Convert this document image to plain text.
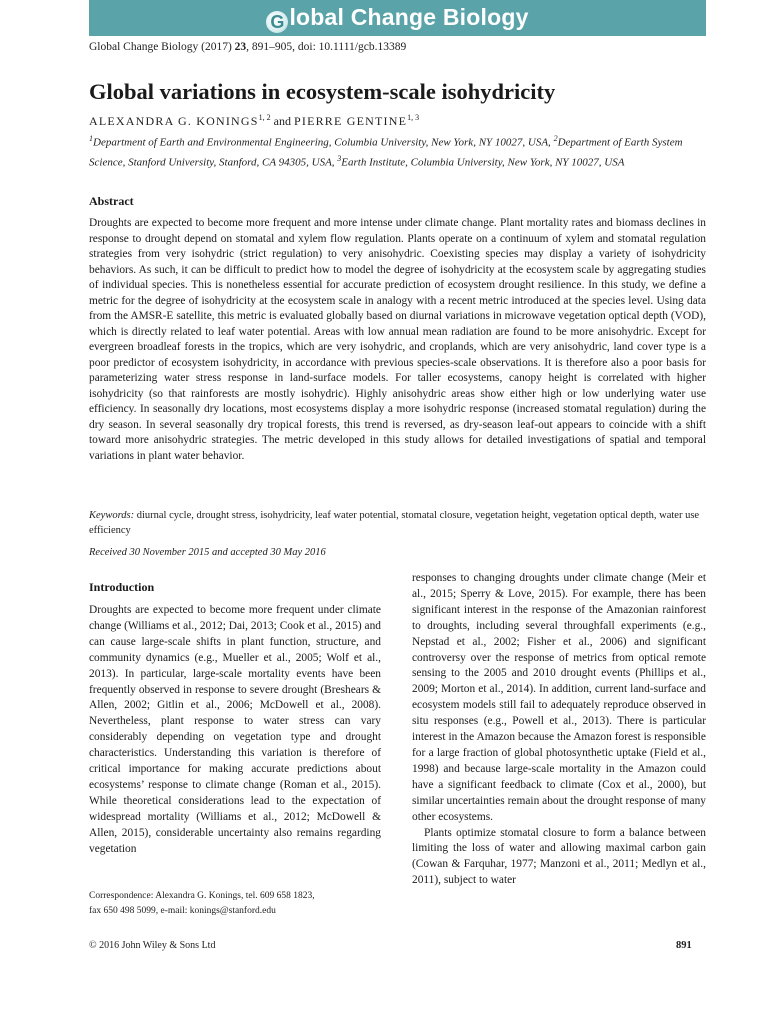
G lobal Change Biology
Global Change Biology (2017) 23, 891–905, doi: 10.1111/gcb.13389
Global variations in ecosystem-scale isohydricity
ALEXANDRA G. KONINGS$^{1, 2}$ and PIERRE GENTINE$^{1, 3}$
$^1$Department of Earth and Environmental Engineering, Columbia University, New York, NY 10027, USA, $^2$Department of Earth System Science, Stanford University, Stanford, CA 94305, USA, $^3$Earth Institute, Columbia University, New York, NY 10027, USA
Abstract

Droughts are expected to become more frequent and more intense under climate change. Plant mortality rates and biomass declines in response to drought depend on stomatal and xylem flow regulation. Plants operate on a continuum of xylem and stomatal regulation strategies from very isohydric (strict regulation) to very anisohydric. Coexisting species may display a variety of isohydricity behaviors. As such, it can be difficult to predict how to model the degree of isohydricity at the ecosystem scale by aggregating studies of individual species. This is nonetheless essential for accurate prediction of ecosystem drought resilience. In this study, we define a metric for the degree of isohydricity at the ecosystem scale in analogy with a recent metric introduced at the species level. Using data from the AMSR-E satellite, this metric is evaluated globally based on diurnal variations in microwave vegetation optical depth (VOD), which is directly related to leaf water potential. Areas with low annual mean radiation are found to be more anisohydric. Except for evergreen broadleaf forests in the tropics, which are very isohydric, and croplands, which are very anisohydric, land cover type is a poor predictor of ecosystem isohydricity, in accordance with previous species-scale observations. It is therefore also a poor basis for parameterizing water stress response in land-surface models. For taller ecosystems, canopy height is correlated with higher isohydricity (so that rainforests are mostly isohydric). Highly anisohydric areas show either high or low underlying water use efficiency. In seasonally dry locations, most ecosystems display a more isohydric response (increased stomatal regulation) during the dry season. In several seasonally dry tropical forests, this trend is reversed, as dry-season leaf-out appears to coincide with a shift toward more anisohydric strategies. The metric developed in this study allows for detailed investigations of spatial and temporal variations in plant water behavior.

Keywords: diurnal cycle, drought stress, isohydricity, leaf water potential, stomatal closure, vegetation height, vegetation optical depth, water use efficiency

Received 30 November 2015 and accepted 30 May 2016
Introduction

Droughts are expected to become more frequent under climate change (Williams et al., 2012; Dai, 2013; Cook et al., 2015) and can cause large-scale shifts in plant function, structure, and community dynamics (e.g., Mueller et al., 2005; Wolf et al., 2013). In particular, large-scale mortality events have been frequently observed in response to severe drought (Breshears & Allen, 2002; Gitlin et al., 2006; McDowell et al., 2008). Nevertheless, plant response to water stress can vary considerably depending on vegetation type and drought characteristics. Understanding this variation is therefore of critical importance for making accurate predictions about ecosystems’ response to climate change (Roman et al., 2015). While theoretical considerations lead to the expectation of widespread mortality (Williams et al., 2012; McDowell & Allen, 2015), considerable uncertainty also remains regarding vegetation

responses to changing droughts under climate change (Meir et al., 2015; Sperry & Love, 2015). For example, there has been significant interest in the response of the Amazonian rainforest to droughts, including several throughfall experiments (e.g., Nepstad et al., 2002; Fisher et al., 2006) and significant controversy over the response of metrics from optical remote sensing to the 2005 and 2010 drought events (Phillips et al., 2009; Morton et al., 2014). In addition, current land-surface and ecosystem models still fail to adequately reproduce observed in situ responses (e.g., Powell et al., 2013). There is particular interest in the Amazon because the Amazon forest is responsible for a large fraction of global photosynthetic uptake (Field et al., 1998) and because large-scale mortality in the Amazon could have a significant feedback to climate (Cox et al., 2000), but similar uncertainties remain about the drought response of many other ecosystems.

Plants optimize stomatal closure to form a balance between limiting the loss of water and allowing maximal carbon gain (Cowan & Farquhar, 1977; Manzoni et al., 2011; Medlyn et al., 2011), subject to water

Correspondence: Alexandra G. Konings, tel. 609 658 1823,
fax 650 498 5099, e-mail: konings@stanford.edu
© 2016 John Wiley & Sons Ltd	891
